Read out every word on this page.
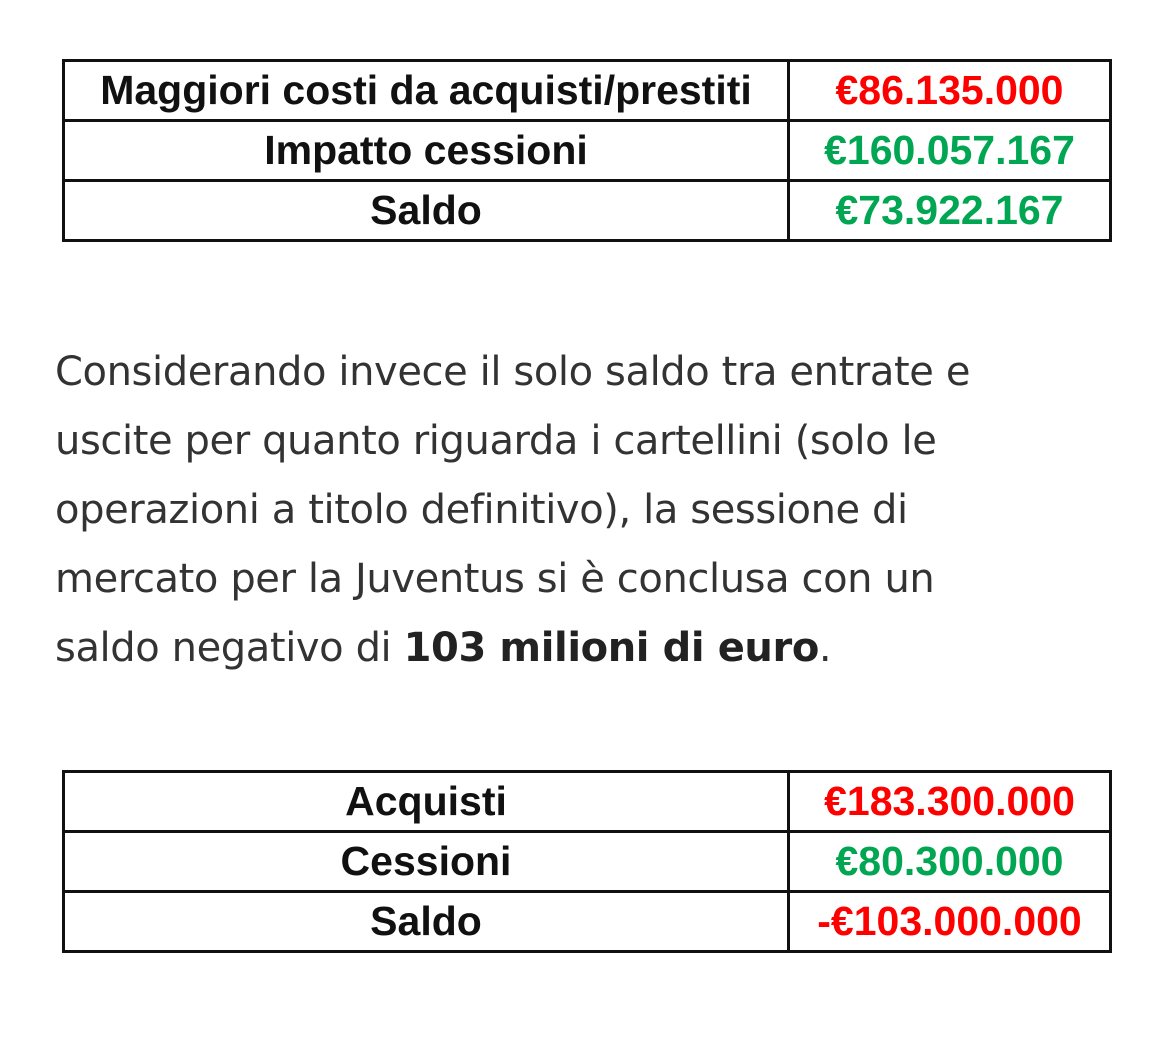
Maggiori costi da acquisti/prestiti	€86.135.000
Impatto cessioni	€160.057.167
Saldo	€73.922.167

Considerando invece il solo saldo tra entrate e
uscite per quanto riguarda i cartellini (solo le
operazioni a titolo definitivo), la sessione di
mercato per la Juventus si è conclusa con un
saldo negativo di 103 milioni di euro.

Acquisti	€183.300.000
Cessioni	€80.300.000
Saldo	-€103.000.000
